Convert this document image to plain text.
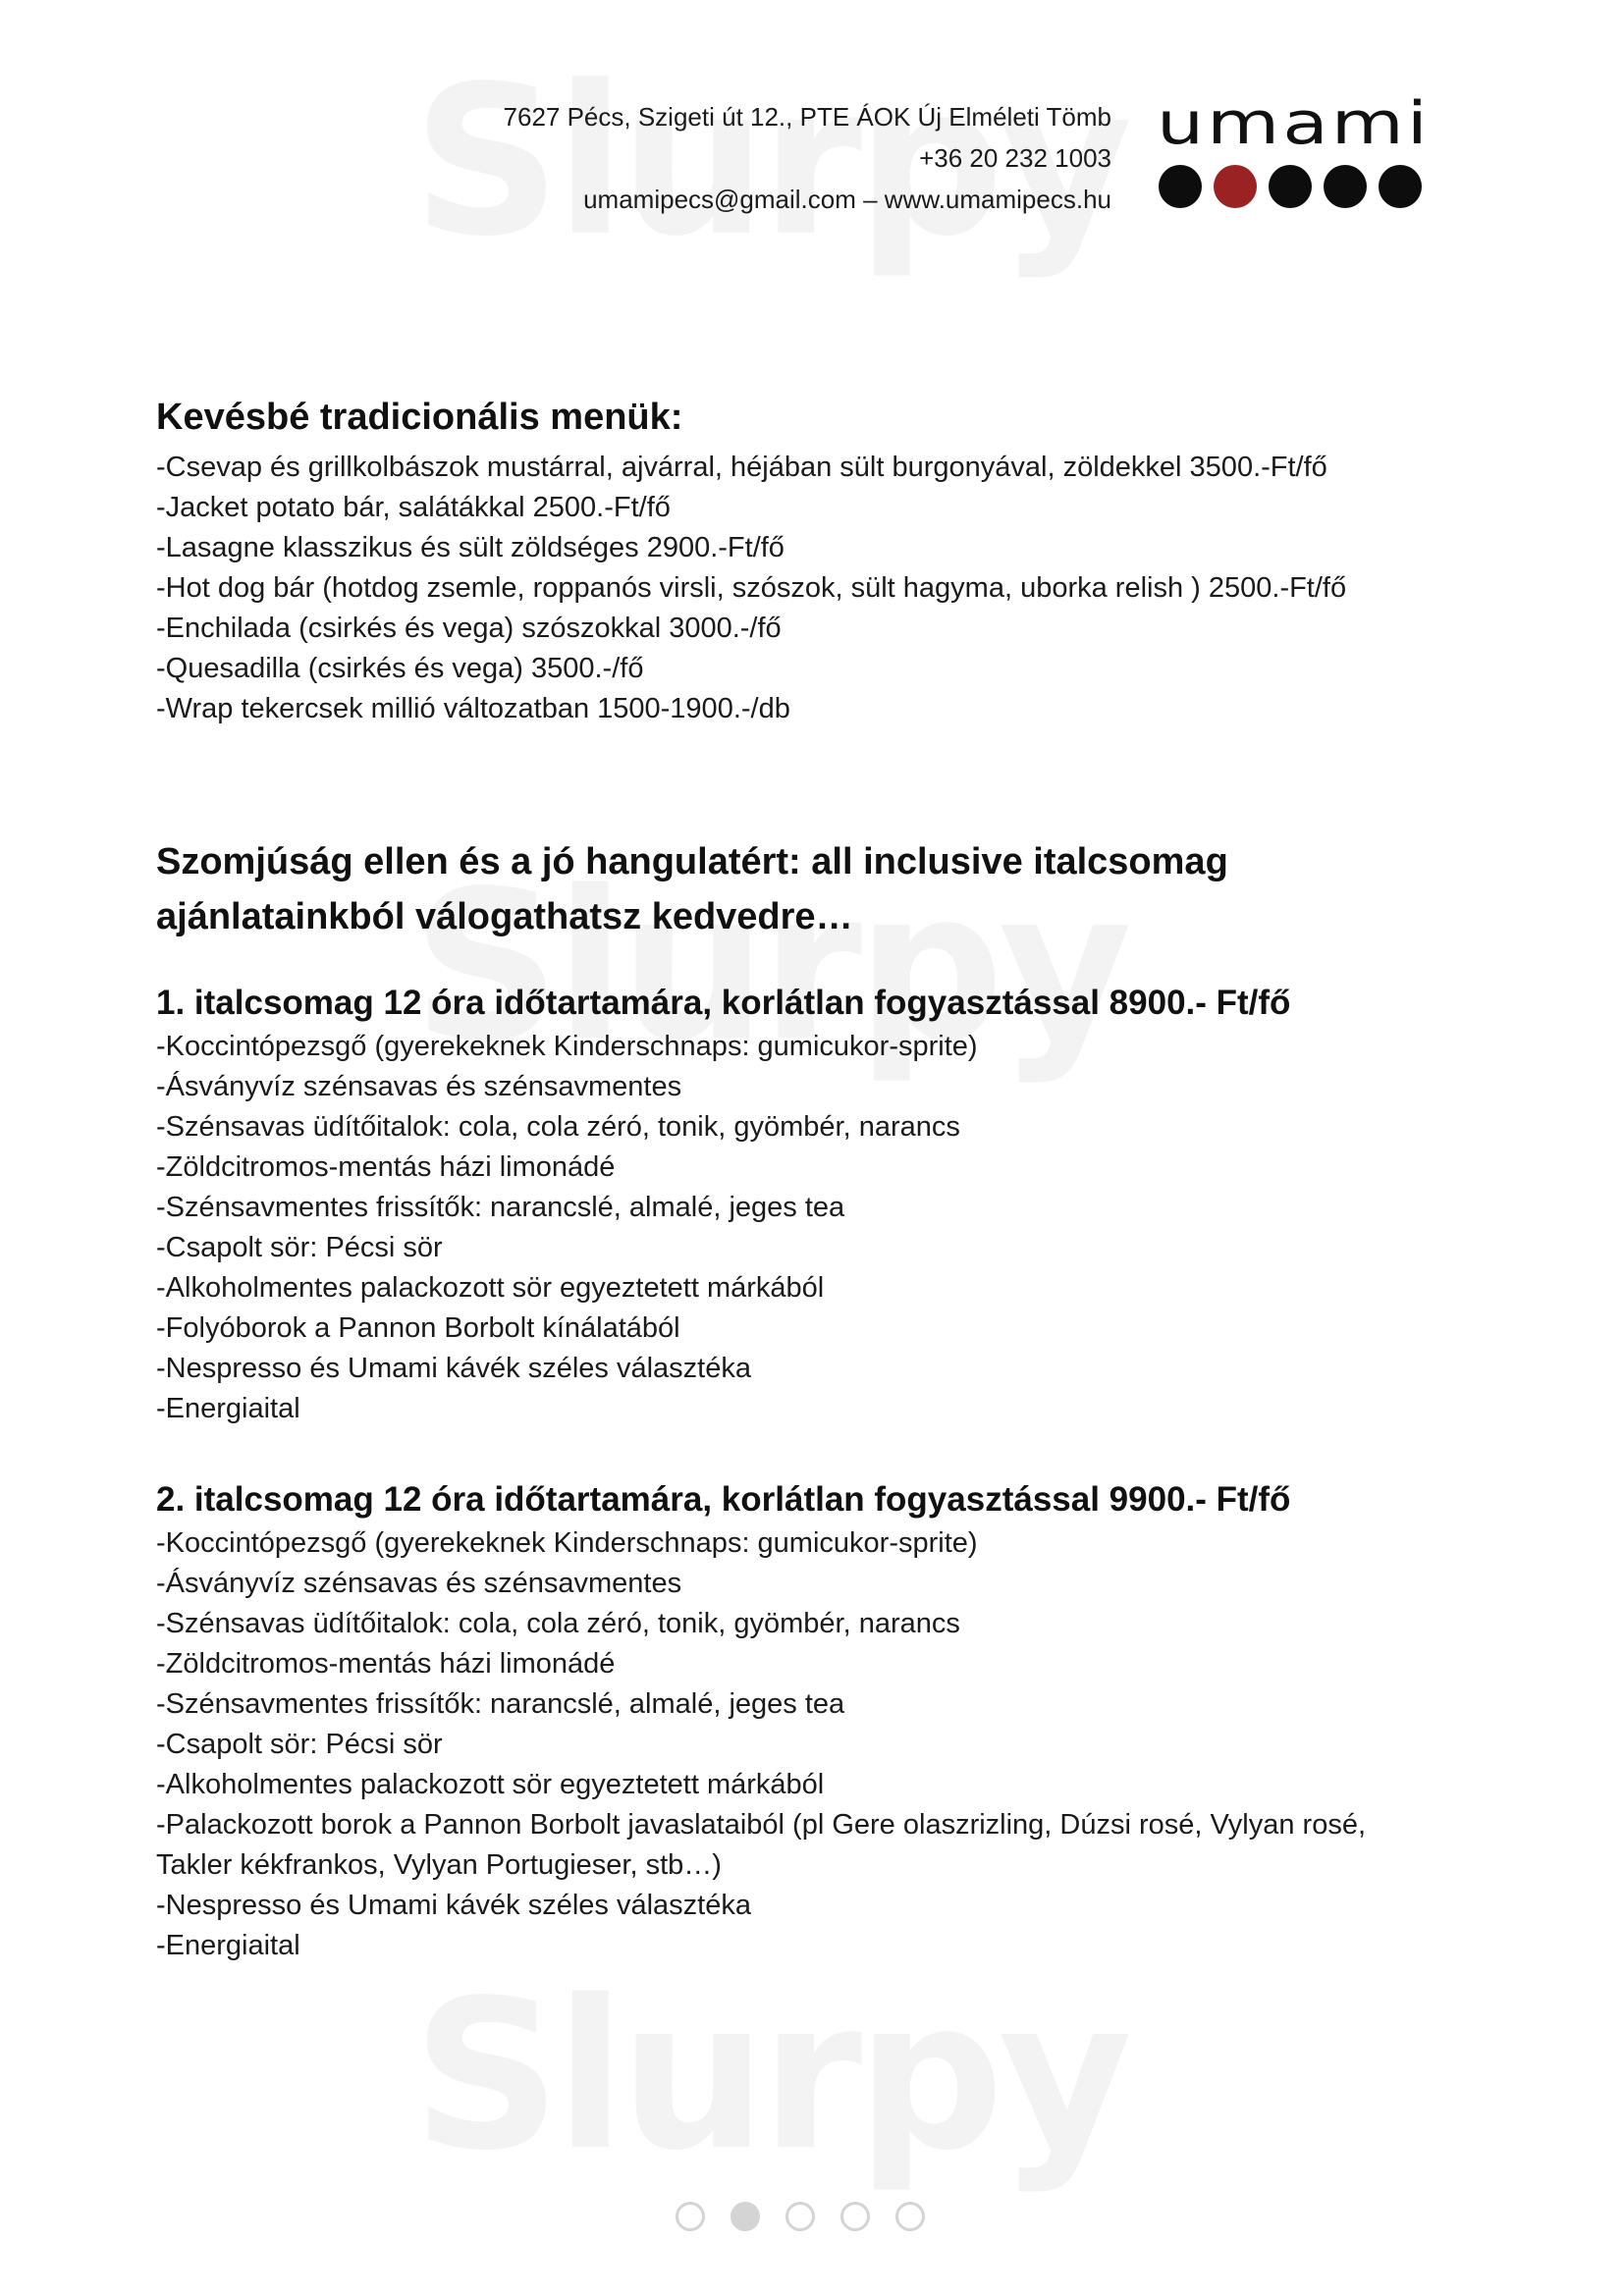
7627 Pécs, Szigeti út 12., PTE ÁOK Új Elméleti Tömb
+36 20 232 1003
umamipecs@gmail.com – www.umamipecs.hu
umami
Kevésbé tradicionális menük:
-Csevap és grillkolbászok mustárral, ajvárral, héjában sült burgonyával, zöldekkel 3500.-Ft/fő
-Jacket potato bár, salátákkal 2500.-Ft/fő
-Lasagne klasszikus és sült zöldséges 2900.-Ft/fő
-Hot dog bár (hotdog zsemle, roppanós virsli, szószok, sült hagyma, uborka relish ) 2500.-Ft/fő
-Enchilada (csirkés és vega) szószokkal 3000.-/fő
-Quesadilla (csirkés és vega) 3500.-/fő
-Wrap tekercsek millió változatban 1500-1900.-/db
Szomjúság ellen és a jó hangulatért: all inclusive italcsomag
ajánlatainkból válogathatsz kedvedre…
1. italcsomag 12 óra időtartamára, korlátlan fogyasztással 8900.- Ft/fő
-Koccintópezsgő (gyerekeknek Kinderschnaps: gumicukor-sprite)
-Ásványvíz szénsavas és szénsavmentes
-Szénsavas üdítőitalok: cola, cola zéró, tonik, gyömbér, narancs
-Zöldcitromos-mentás házi limonádé
-Szénsavmentes frissítők: narancslé, almalé, jeges tea
-Csapolt sör: Pécsi sör
-Alkoholmentes palackozott sör egyeztetett márkából
-Folyóborok a Pannon Borbolt kínálatából
-Nespresso és Umami kávék széles választéka
-Energiaital
2. italcsomag 12 óra időtartamára, korlátlan fogyasztással 9900.- Ft/fő
-Koccintópezsgő (gyerekeknek Kinderschnaps: gumicukor-sprite)
-Ásványvíz szénsavas és szénsavmentes
-Szénsavas üdítőitalok: cola, cola zéró, tonik, gyömbér, narancs
-Zöldcitromos-mentás házi limonádé
-Szénsavmentes frissítők: narancslé, almalé, jeges tea
-Csapolt sör: Pécsi sör
-Alkoholmentes palackozott sör egyeztetett márkából
-Palackozott borok a Pannon Borbolt javaslataiból (pl Gere olaszrizling, Dúzsi rosé, Vylyan rosé,
Takler kékfrankos, Vylyan Portugieser, stb…)
-Nespresso és Umami kávék széles választéka
-Energiaital
